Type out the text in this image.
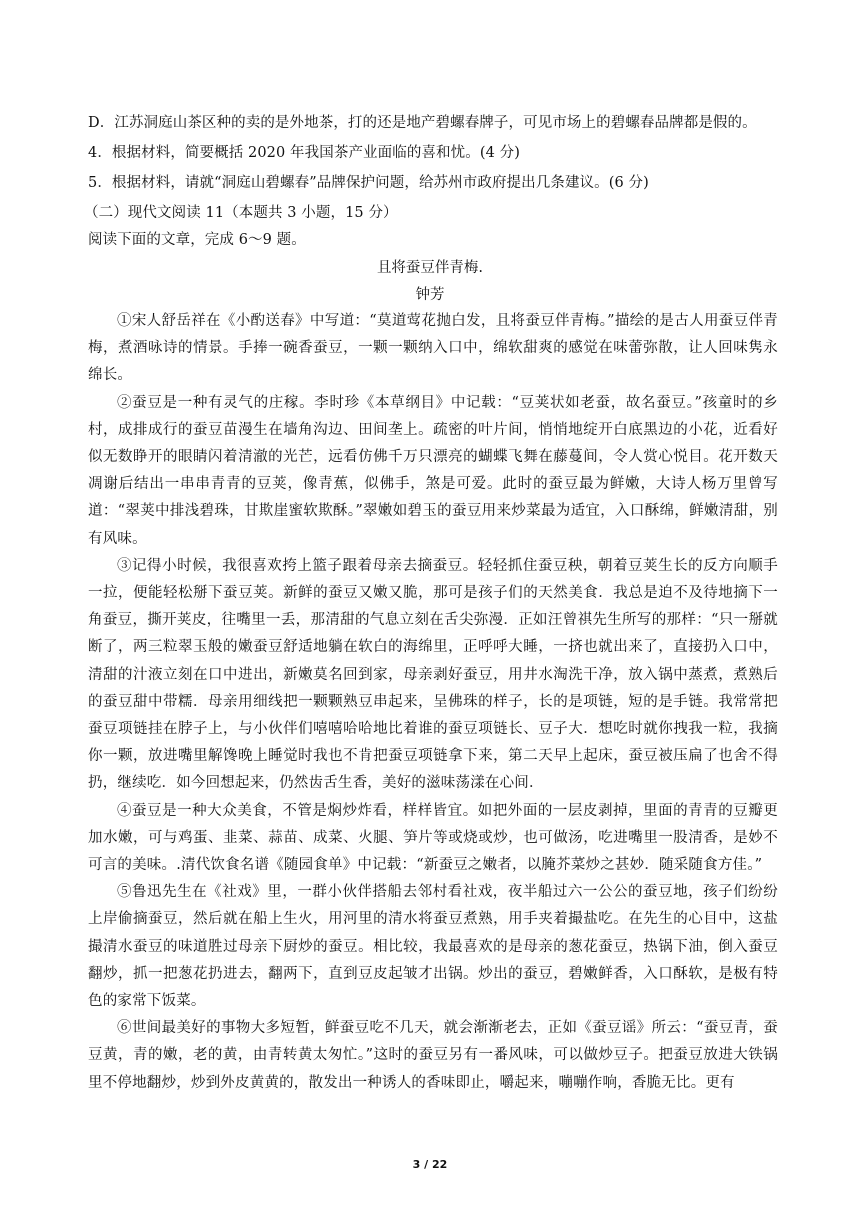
D．江苏洞庭山茶区种的卖的是外地茶，打的还是地产碧螺春牌子，可见市场上的碧螺春品牌都是假的。
4．根据材料，简要概括 2020 年我国茶产业面临的喜和忧。(4 分)
5．根据材料，请就“洞庭山碧螺春”品牌保护问题，给苏州市政府提出几条建议。(6 分)
（二）现代文阅读 11（本题共 3 小题，15 分）
阅读下面的文章，完成 6～9 题。
且将蚕豆伴青梅.
钟芳

①宋人舒岳祥在《小酌送春》中写道：“莫道莺花抛白发，且将蚕豆伴青梅。”描绘的是古人用蚕豆伴青梅，煮酒咏诗的情景。手捧一碗香蚕豆，一颗一颗纳入口中，绵软甜爽的感觉在味蕾弥散，让人回味隽永绵长。

②蚕豆是一种有灵气的庄稼。李时珍《本草纲目》中记载：“豆荚状如老蚕，故名蚕豆。”孩童时的乡村，成排成行的蚕豆苗漫生在墙角沟边、田间垄上。疏密的叶片间，悄悄地绽开白底黑边的小花，近看好似无数睁开的眼睛闪着清澈的光芒，远看仿佛千万只漂亮的蝴蝶飞舞在藤蔓间，令人赏心悦目。花开数天凋谢后结出一串串青青的豆荚，像青蕉，似佛手，煞是可爱。此时的蚕豆最为鲜嫩，大诗人杨万里曾写道：“翠荚中排浅碧珠，甘欺崖蜜软欺酥。”翠嫩如碧玉的蚕豆用来炒菜最为适宜，入口酥绵，鲜嫩清甜，别有风味。

③记得小时候，我很喜欢挎上篮子跟着母亲去摘蚕豆。轻轻抓住蚕豆秧，朝着豆荚生长的反方向顺手一拉，便能轻松掰下蚕豆荚。新鲜的蚕豆又嫩又脆，那可是孩子们的天然美食．我总是迫不及待地摘下一角蚕豆，撕开荚皮，往嘴里一丢，那清甜的气息立刻在舌尖弥漫．正如汪曾祺先生所写的那样：“只一掰就断了，两三粒翠玉般的嫩蚕豆舒适地躺在软白的海绵里，正呼呼大睡，一挤也就出来了，直接扔入口中，清甜的汁液立刻在口中进出，新嫩莫名回到家，母亲剥好蚕豆，用井水淘洗干净，放入锅中蒸煮，煮熟后的蚕豆甜中带糯．母亲用细线把一颗颗熟豆串起来，呈佛珠的样子，长的是项链，短的是手链。我常常把蚕豆项链挂在脖子上，与小伙伴们嘻嘻哈哈地比着谁的蚕豆项链长、豆子大．想吃时就你拽我一粒，我摘你一颗，放进嘴里解馋晚上睡觉时我也不肯把蚕豆项链拿下来，第二天早上起床，蚕豆被压扁了也舍不得扔，继续吃．如今回想起来，仍然齿舌生香，美好的滋味荡漾在心间．

④蚕豆是一种大众美食，不管是焖炒炸看，样样皆宜。如把外面的一层皮剥掉，里面的青青的豆瓣更加水嫩，可与鸡蛋、韭菜、蒜苗、成菜、火腿、笋片等或烧或炒，也可做汤，吃进嘴里一股清香，是妙不可言的美味。.清代饮食名谱《随园食单》中记载：“新蚕豆之嫩者，以腌芥菜炒之甚妙．随采随食方佳。”

⑤鲁迅先生在《社戏》里，一群小伙伴搭船去邻村看社戏，夜半船过六一公公的蚕豆地，孩子们纷纷上岸偷摘蚕豆，然后就在船上生火，用河里的清水将蚕豆煮熟，用手夹着撮盐吃。在先生的心目中，这盐撮清水蚕豆的味道胜过母亲下厨炒的蚕豆。相比较，我最喜欢的是母亲的葱花蚕豆，热锅下油，倒入蚕豆翻炒，抓一把葱花扔进去，翻两下，直到豆皮起皱才出锅。炒出的蚕豆，碧嫩鲜香，入口酥软，是极有特色的家常下饭菜。

⑥世间最美好的事物大多短暂，鲜蚕豆吃不几天，就会渐渐老去，正如《蚕豆谣》所云：“蚕豆青，蚕豆黄，青的嫩，老的黄，由青转黄太匆忙。”这时的蚕豆另有一番风味，可以做炒豆子。把蚕豆放进大铁锅里不停地翻炒，炒到外皮黄黄的，散发出一种诱人的香味即止，嚼起来，嘣嘣作响，香脆无比。更有

3 / 22
